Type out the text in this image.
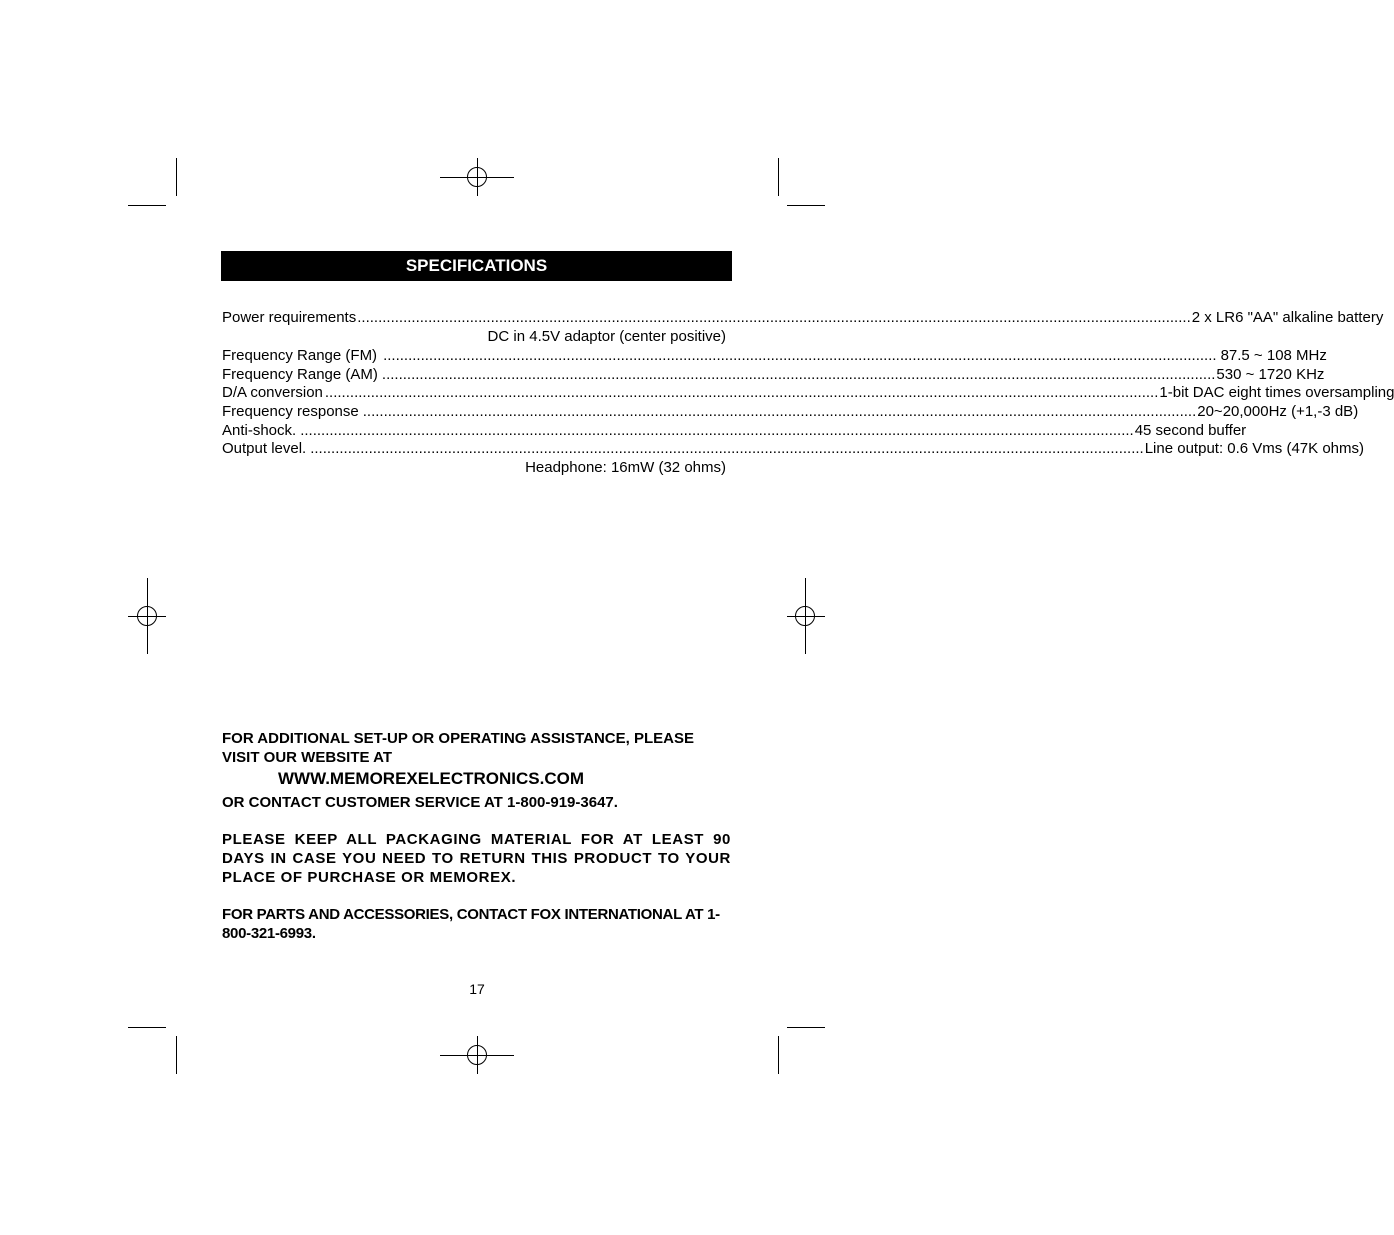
SPECIFICATIONS
Power requirements ........................................................................................................................................................................................................ 2 x LR6 "AA" alkaline battery
DC in 4.5V adaptor (center positive)
Frequency Range (FM) ........................................................................................................................................................................................................ 87.5 ~ 108 MHz
Frequency Range (AM) ........................................................................................................................................................................................................ 530 ~ 1720 KHz
D/A conversion ........................................................................................................................................................................................................ 1-bit DAC eight times oversampling
Frequency response ........................................................................................................................................................................................................ 20~20,000Hz (+1,-3 dB)
Anti-shock. ........................................................................................................................................................................................................ 45 second buffer
Output level. ........................................................................................................................................................................................................ Line output: 0.6 Vms (47K ohms)
Headphone: 16mW (32 ohms)
FOR ADDITIONAL SET-UP OR OPERATING ASSISTANCE, PLEASE VISIT OUR WEBSITE AT
WWW.MEMOREXELECTRONICS.COM
OR CONTACT CUSTOMER SERVICE AT 1-800-919-3647.
PLEASE KEEP ALL PACKAGING MATERIAL FOR AT LEAST 90 DAYS IN CASE YOU NEED TO RETURN THIS PRODUCT TO YOUR PLACE OF PURCHASE OR MEMOREX.
FOR PARTS AND ACCESSORIES, CONTACT FOX INTERNATIONAL AT 1-800-321-6993.
17
